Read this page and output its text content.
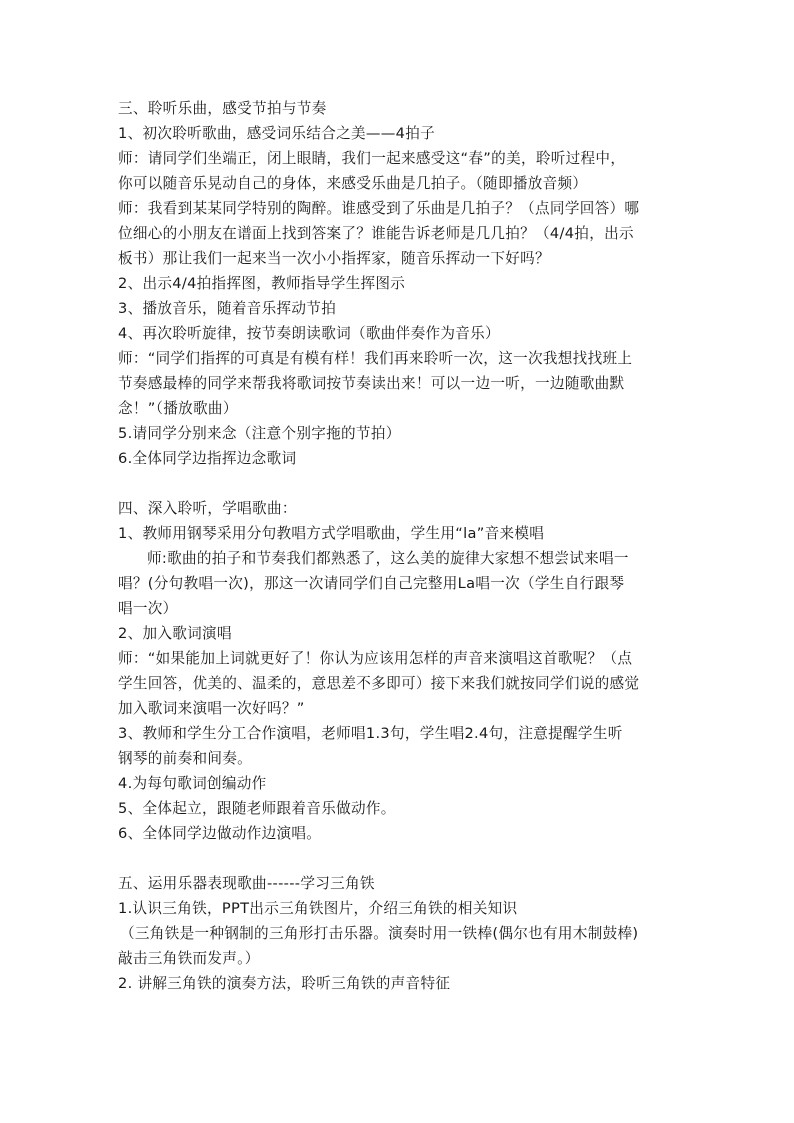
三、聆听乐曲，感受节拍与节奏

1、初次聆听歌曲，感受词乐结合之美——4拍子

师：请同学们坐端正，闭上眼睛，我们一起来感受这“春”的美，聆听过程中，

你可以随音乐晃动自己的身体，来感受乐曲是几拍子。（随即播放音频）

师：我看到某某同学特别的陶醉。谁感受到了乐曲是几拍子？（点同学回答）哪

位细心的小朋友在谱面上找到答案了？谁能告诉老师是几几拍？（4/4拍，出示

板书）那让我们一起来当一次小小指挥家，随音乐挥动一下好吗？

2、出示4/4拍指挥图，教师指导学生挥图示

3、播放音乐，随着音乐挥动节拍

4、再次聆听旋律，按节奏朗读歌词（歌曲伴奏作为音乐）

师：“同学们指挥的可真是有模有样！我们再来聆听一次，这一次我想找找班上

节奏感最棒的同学来帮我将歌词按节奏读出来！可以一边一听，一边随歌曲默

念！”（播放歌曲）

5.请同学分别来念（注意个别字拖的节拍）

6.全体同学边指挥边念歌词

四、深入聆听，学唱歌曲：

1、教师用钢琴采用分句教唱方式学唱歌曲，学生用“la”音来模唱

师:歌曲的拍子和节奏我们都熟悉了，这么美的旋律大家想不想尝试来唱一

唱？(分句教唱一次)，那这一次请同学们自己完整用La唱一次（学生自行跟琴

唱一次）

2、加入歌词演唱

师：“如果能加上词就更好了！你认为应该用怎样的声音来演唱这首歌呢？（点

学生回答，优美的、温柔的，意思差不多即可）接下来我们就按同学们说的感觉

加入歌词来演唱一次好吗？”

3、教师和学生分工合作演唱，老师唱1.3句，学生唱2.4句，注意提醒学生听

钢琴的前奏和间奏。

4.为每句歌词创编动作

5、全体起立，跟随老师跟着音乐做动作。

6、全体同学边做动作边演唱。

五、运用乐器表现歌曲------学习三角铁

1.认识三角铁，PPT出示三角铁图片，介绍三角铁的相关知识

（三角铁是一种钢制的三角形打击乐器。演奏时用一铁棒(偶尔也有用木制鼓棒)

敲击三角铁而发声。）

2. 讲解三角铁的演奏方法，聆听三角铁的声音特征
